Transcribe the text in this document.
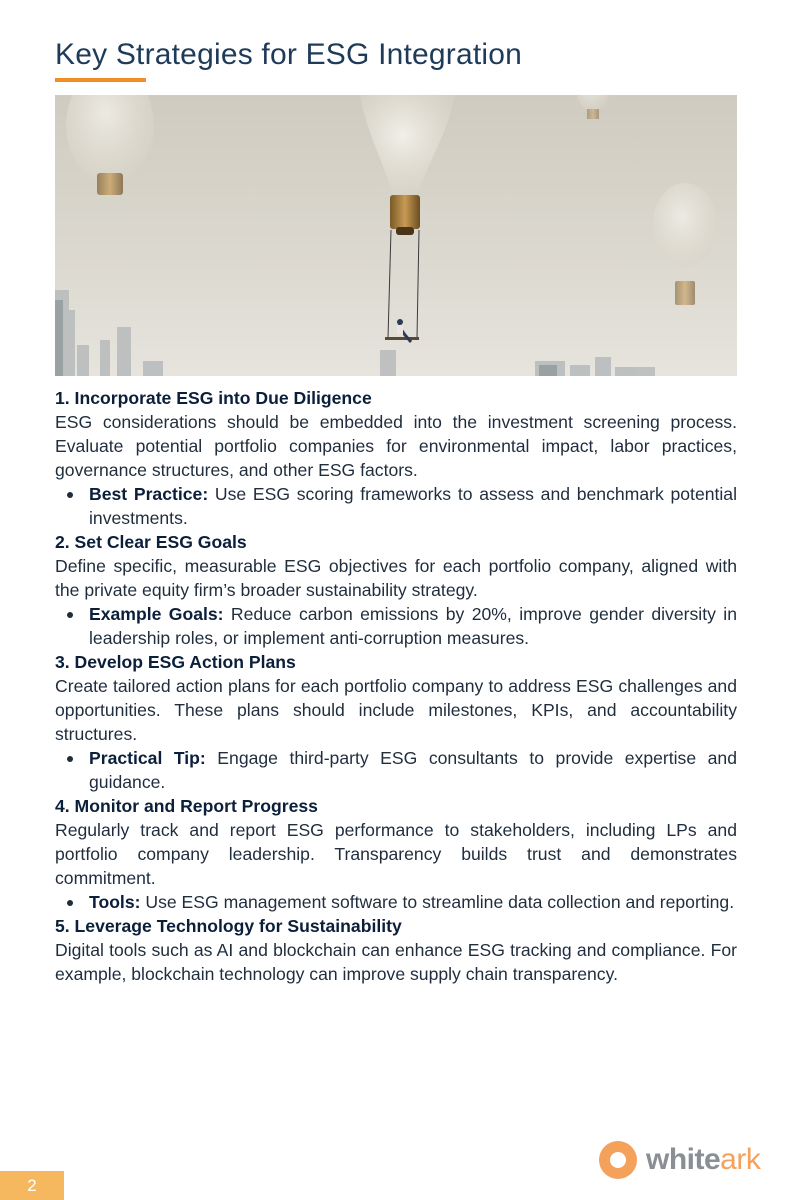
Key Strategies for ESG Integration
1. Incorporate ESG into Due Diligence

ESG considerations should be embedded into the investment screening process. Evaluate potential portfolio companies for environmental impact, labor practices, governance structures, and other ESG factors.

Best Practice: Use ESG scoring frameworks to assess and benchmark potential investments.
2. Set Clear ESG Goals

Define specific, measurable ESG objectives for each portfolio company, aligned with the private equity firm’s broader sustainability strategy.

Example Goals: Reduce carbon emissions by 20%, improve gender diversity in leadership roles, or implement anti-corruption measures.
3. Develop ESG Action Plans

Create tailored action plans for each portfolio company to address ESG challenges and opportunities. These plans should include milestones, KPIs, and accountability structures.

Practical Tip: Engage third-party ESG consultants to provide expertise and guidance.
4. Monitor and Report Progress

Regularly track and report ESG performance to stakeholders, including LPs and portfolio company leadership. Transparency builds trust and demonstrates commitment.

Tools: Use ESG management software to streamline data collection and reporting.
5. Leverage Technology for Sustainability

Digital tools such as AI and blockchain can enhance ESG tracking and compliance. For example, blockchain technology can improve supply chain transparency.

whiteark
2
